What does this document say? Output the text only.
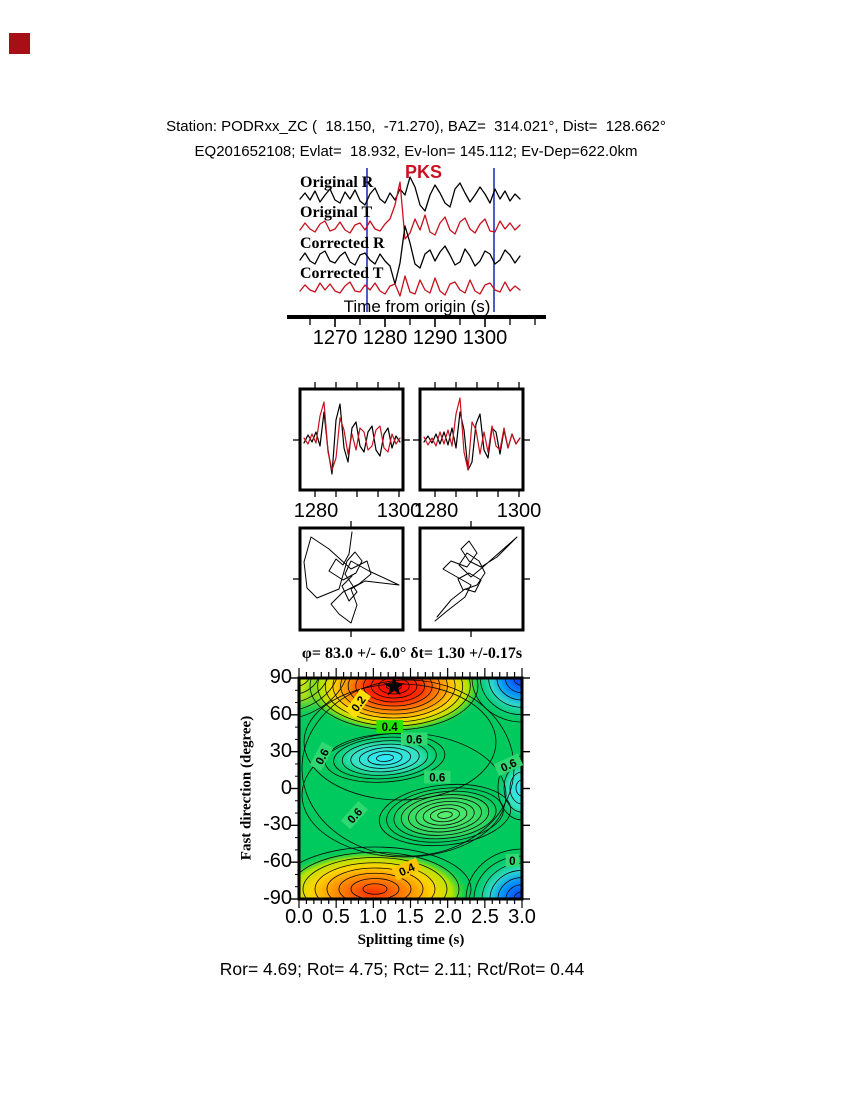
Station: PODRxx_ZC (  18.150,  -71.270), BAZ=  314.021°, Dist=  128.662°
EQ201652108; Evlat=  18.932, Ev-lon= 145.112; Ev-Dep=622.0km
0.2
0.4
0.6
0.6
0.6
0.6
0.6
0.4	0
Original R
Original T
Corrected R
Corrected T
PKS
Time from origin (s)
1270 1280 1290 1300
1280 1300
1280 1300
φ= 83.0 +/- 6.0° δt= 1.30 +/-0.17s
Fast direction (degree)
Splitting time (s)
90
60
30
0
-30
-60
-90
0.0 0.5 1.0 1.5 2.0 2.5 3.0
Ror= 4.69; Rot= 4.75; Rct= 2.11; Rct/Rot= 0.44
